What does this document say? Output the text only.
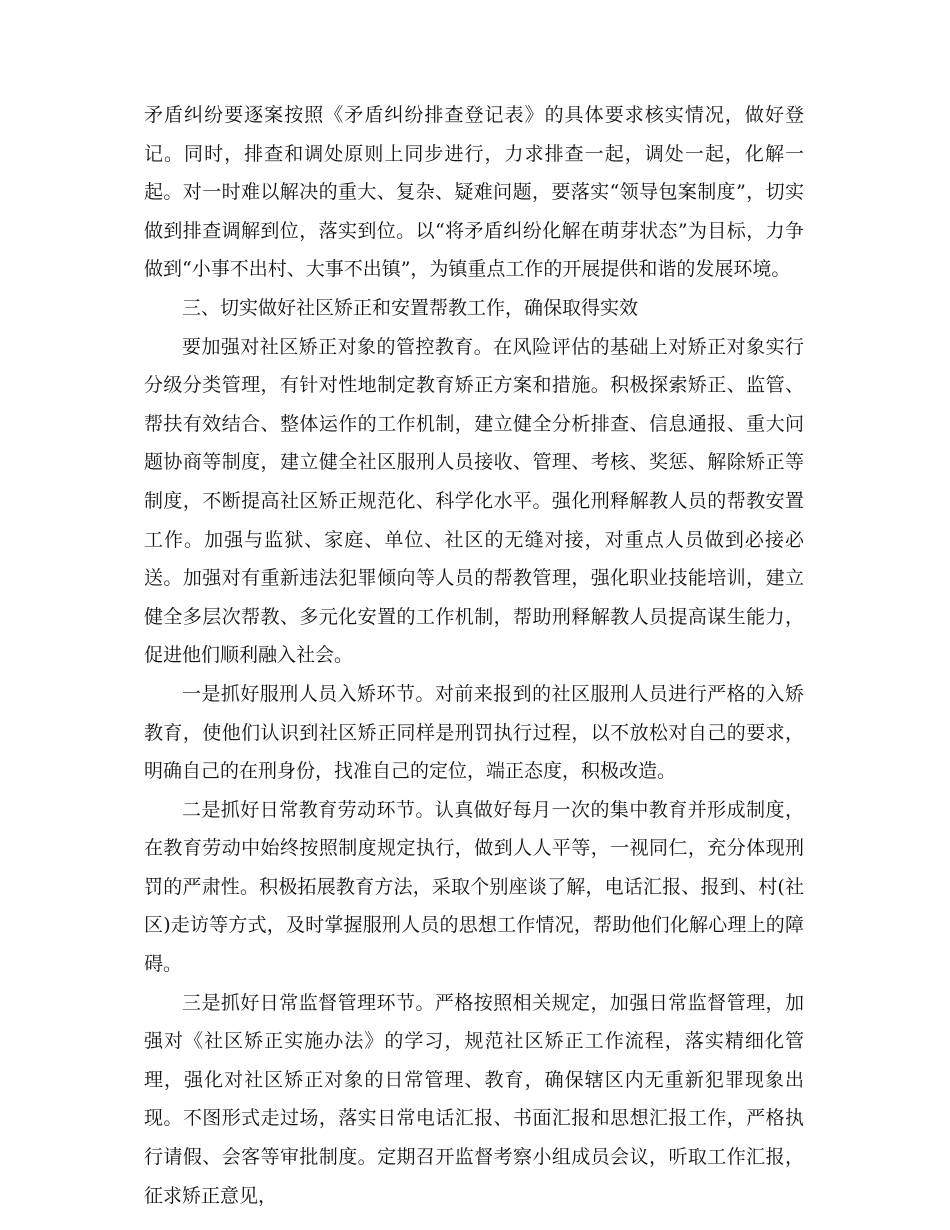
矛盾纠纷要逐案按照《矛盾纠纷排查登记表》的具体要求核实情况，做好登记。同时，排查和调处原则上同步进行，力求排查一起，调处一起，化解一起。对一时难以解决的重大、复杂、疑难问题，要落实“领导包案制度”，切实做到排查调解到位，落实到位。以“将矛盾纠纷化解在萌芽状态”为目标，力争做到“小事不出村、大事不出镇”，为镇重点工作的开展提供和谐的发展环境。

三、切实做好社区矫正和安置帮教工作，确保取得实效

要加强对社区矫正对象的管控教育。在风险评估的基础上对矫正对象实行分级分类管理，有针对性地制定教育矫正方案和措施。积极探索矫正、监管、帮扶有效结合、整体运作的工作机制，建立健全分析排查、信息通报、重大问题协商等制度，建立健全社区服刑人员接收、管理、考核、奖惩、解除矫正等制度，不断提高社区矫正规范化、科学化水平。强化刑释解教人员的帮教安置工作。加强与监狱、家庭、单位、社区的无缝对接，对重点人员做到必接必送。加强对有重新违法犯罪倾向等人员的帮教管理，强化职业技能培训，建立健全多层次帮教、多元化安置的工作机制，帮助刑释解教人员提高谋生能力，促进他们顺利融入社会。

一是抓好服刑人员入矫环节。对前来报到的社区服刑人员进行严格的入矫教育，使他们认识到社区矫正同样是刑罚执行过程，以不放松对自己的要求，明确自己的在刑身份，找准自己的定位，端正态度，积极改造。

二是抓好日常教育劳动环节。认真做好每月一次的集中教育并形成制度，在教育劳动中始终按照制度规定执行，做到人人平等，一视同仁，充分体现刑罚的严肃性。积极拓展教育方法，采取个别座谈了解，电话汇报、报到、村(社区)走访等方式，及时掌握服刑人员的思想工作情况，帮助他们化解心理上的障碍。

三是抓好日常监督管理环节。严格按照相关规定，加强日常监督管理，加强对《社区矫正实施办法》的学习，规范社区矫正工作流程，落实精细化管理，强化对社区矫正对象的日常管理、教育，确保辖区内无重新犯罪现象出现。不图形式走过场，落实日常电话汇报、书面汇报和思想汇报工作，严格执行请假、会客等审批制度。定期召开监督考察小组成员会议，听取工作汇报，征求矫正意见，
